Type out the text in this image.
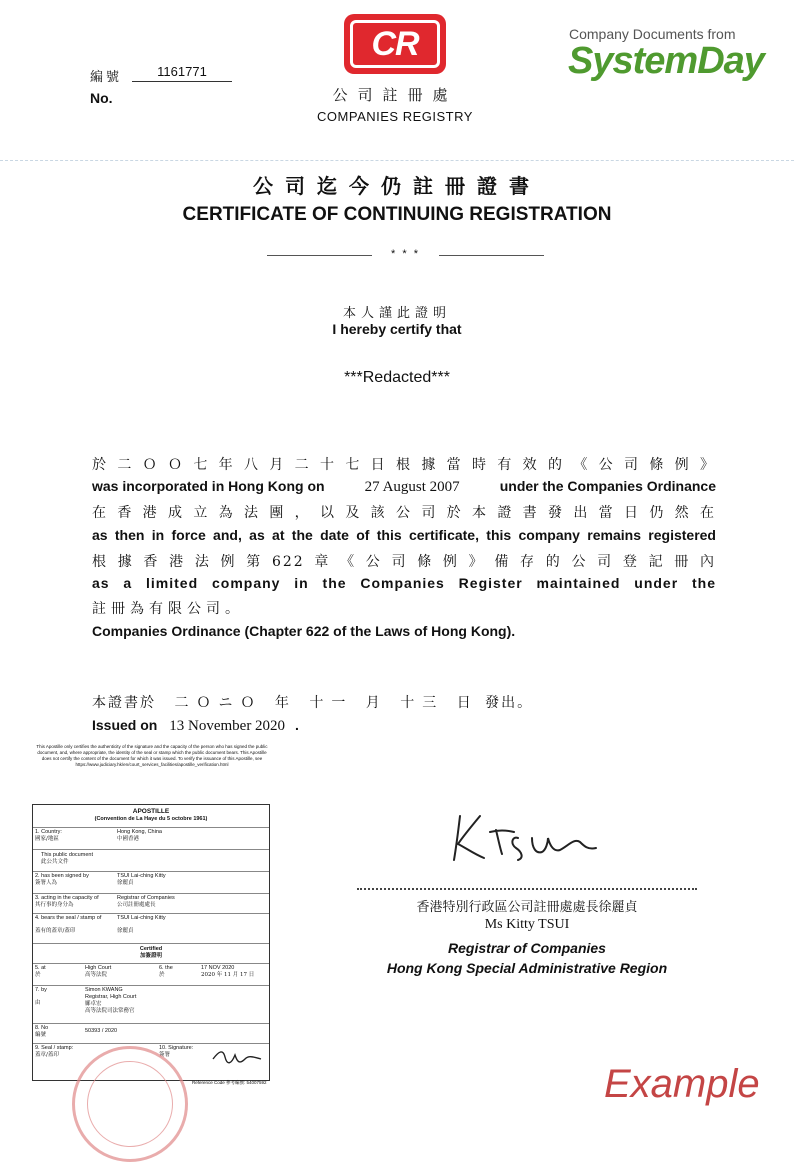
編號
No.
1161771
CR
公司註冊處
COMPANIES REGISTRY
Company Documents from
SystemDay
公司迄今仍註冊證書
CERTIFICATE OF CONTINUING REGISTRATION
* * *
本人謹此證明
I hereby certify that
***Redacted***
於二ＯＯ七年八月二十七日根據當時有效的《公司條例》
was incorporated in Hong Kong on	27 August 2007	under the Companies Ordinance
在香港成立為法團，以及該公司於本證書發出當日仍然在
as then in force and, as at the date of this certificate, this company remains registered
根據香港法例第622章《公司條例》備存的公司登記冊內
as a limited company in the Companies Register maintained under the
註冊為有限公司。
Companies Ordinance (Chapter 622 of the Laws of Hong Kong).
本證書於 二ＯニＯ 年 十一 月 十三 日 發出。
Issued on 13 November 2020 .
香港特別行政區公司註冊處處長徐麗貞
Ms Kitty TSUI
Registrar of Companies
Hong Kong Special Administrative Region
This Apostille only certifies the authenticity of the signature and the capacity of the person who has signed the public document, and, where appropriate, the identity of the seal or stamp which the public document bears. This Apostille does not certify the content of the document for which it was issued. To verify the issuance of this Apostille, see https://www.judiciary.hk/en/court_services_facilities/apostille_verification.html
APOSTILLE
(Convention de La Haye du 5 octobre 1961)
1. Country:
國家/地區
Hong Kong, China
中國香港
This public document
此公共文件
2. has been signed by
簽署人為
TSUI Lai-ching Kitty
徐麗貞
3. acting in the capacity of
其行事的身分為
Registrar of Companies
公司註冊處處長
4. bears the seal / stamp of
蓋有的蓋章/蓋印
TSUI Lai-ching Kitty
徐麗貞
Certified
加簽證明
5. at
於
High Court
高等法院
6. the
於
17 NOV 2020
2020 年 11 月 17 日
7. by
由
Simon KWANG
Registrar, High Court
鄺卓宏
高等法院司法常務官
8. No
編號
50393 / 2020
9. Seal / stamp:
蓋章/蓋印
10. Signature:
簽署
Reference Code 參考編號: 54007592	Example
